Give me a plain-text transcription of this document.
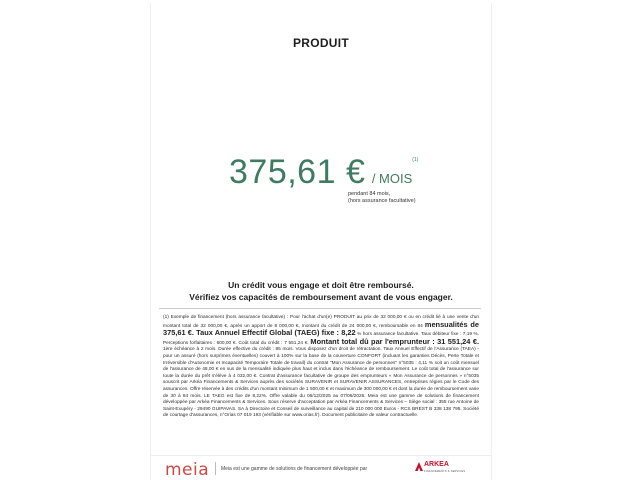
PRODUIT
375,61 € / MOIS$^{(1)}$
pendant 84 mois,
(hors assurance facultative)
Un crédit vous engage et doit être remboursé.
Vérifiez vos capacités de remboursement avant de vous engager.
(1) Exemple de financement (hors assurance facultative) : Pour l'achat d'un(e) PRODUIT au prix de 32 000,00 € ou en crédit lié à une vente d'un montant total de 32 000,00 €, après un apport de 8 000,00 €, montant du crédit de 24 000,00 €, remboursable en 84 mensualités de 375,61 €. Taux Annuel Effectif Global (TAEG) fixe : 8,22 % hors assurance facultative. Taux débiteur fixe : 7,19 %. Perceptions forfaitaires : 600,00 €. Coût total du crédit : 7 551,24 €. Montant total dû par l'emprunteur : 31 551,24 €. 1ère échéance à 2 mois. Durée effective du crédit : 85 mois. Vous disposez d'un droit de rétractation. Taux Annuel Effectif de l'Assurance (TAEA) - pour un assuré (hors surprimes éventuelles) couvert à 100% sur la base de la couverture CONFORT (incluant les garanties Décès, Perte Totale et Irréversible d'Autonomie et Incapacité Temporaire Totale de travail) du contrat "Mon Assurance de personnes" n°5035 : 4,11 % soit un coût mensuel de l'assurance de 48,00 € en sus de la mensualité indiquée plus haut et inclus dans l'échéance de remboursement. Le coût total de l'assurance sur toute la durée du prêt s'élève à 4 032,00 €. Contrat d'assurance facultative de groupe des emprunteurs « Mon Assurance de personnes » n°5035 souscrit par Arkéa Financements & Services auprès des sociétés SURAVENIR et SURAVENIR ASSURANCES, entreprises régies par le Code des assurances. Offre réservée à des crédits d'un montant minimum de 1 500,00 € et maximum de 300 000,00 € et dont la durée de remboursement varie de 30 à 84 mois. LE TAEG est fixe de 8,22%. Offre valable du 06/12/2025 au 07/06/2026. Meia est une gamme de solutions de financement développée par Arkéa Financements & Services. Sous réserve d'acceptation par Arkéa Financements & Services – Siège social : 355 rue Antoine de Saint-Exupéry - 29490 GUIPAVAS. SA à Directoire et Conseil de surveillance au capital de 210 000 000 Euros - RCS BREST B 338 138 795. Société de courtage d'assurances, n°Orias 07 019 193 (vérifiable sur www.orias.fr). Document publicitaire de valeur contractuelle.
meia Meia est une gamme de solutions de financement développée par
ARKEA
FINANCEMENTS & SERVICES
